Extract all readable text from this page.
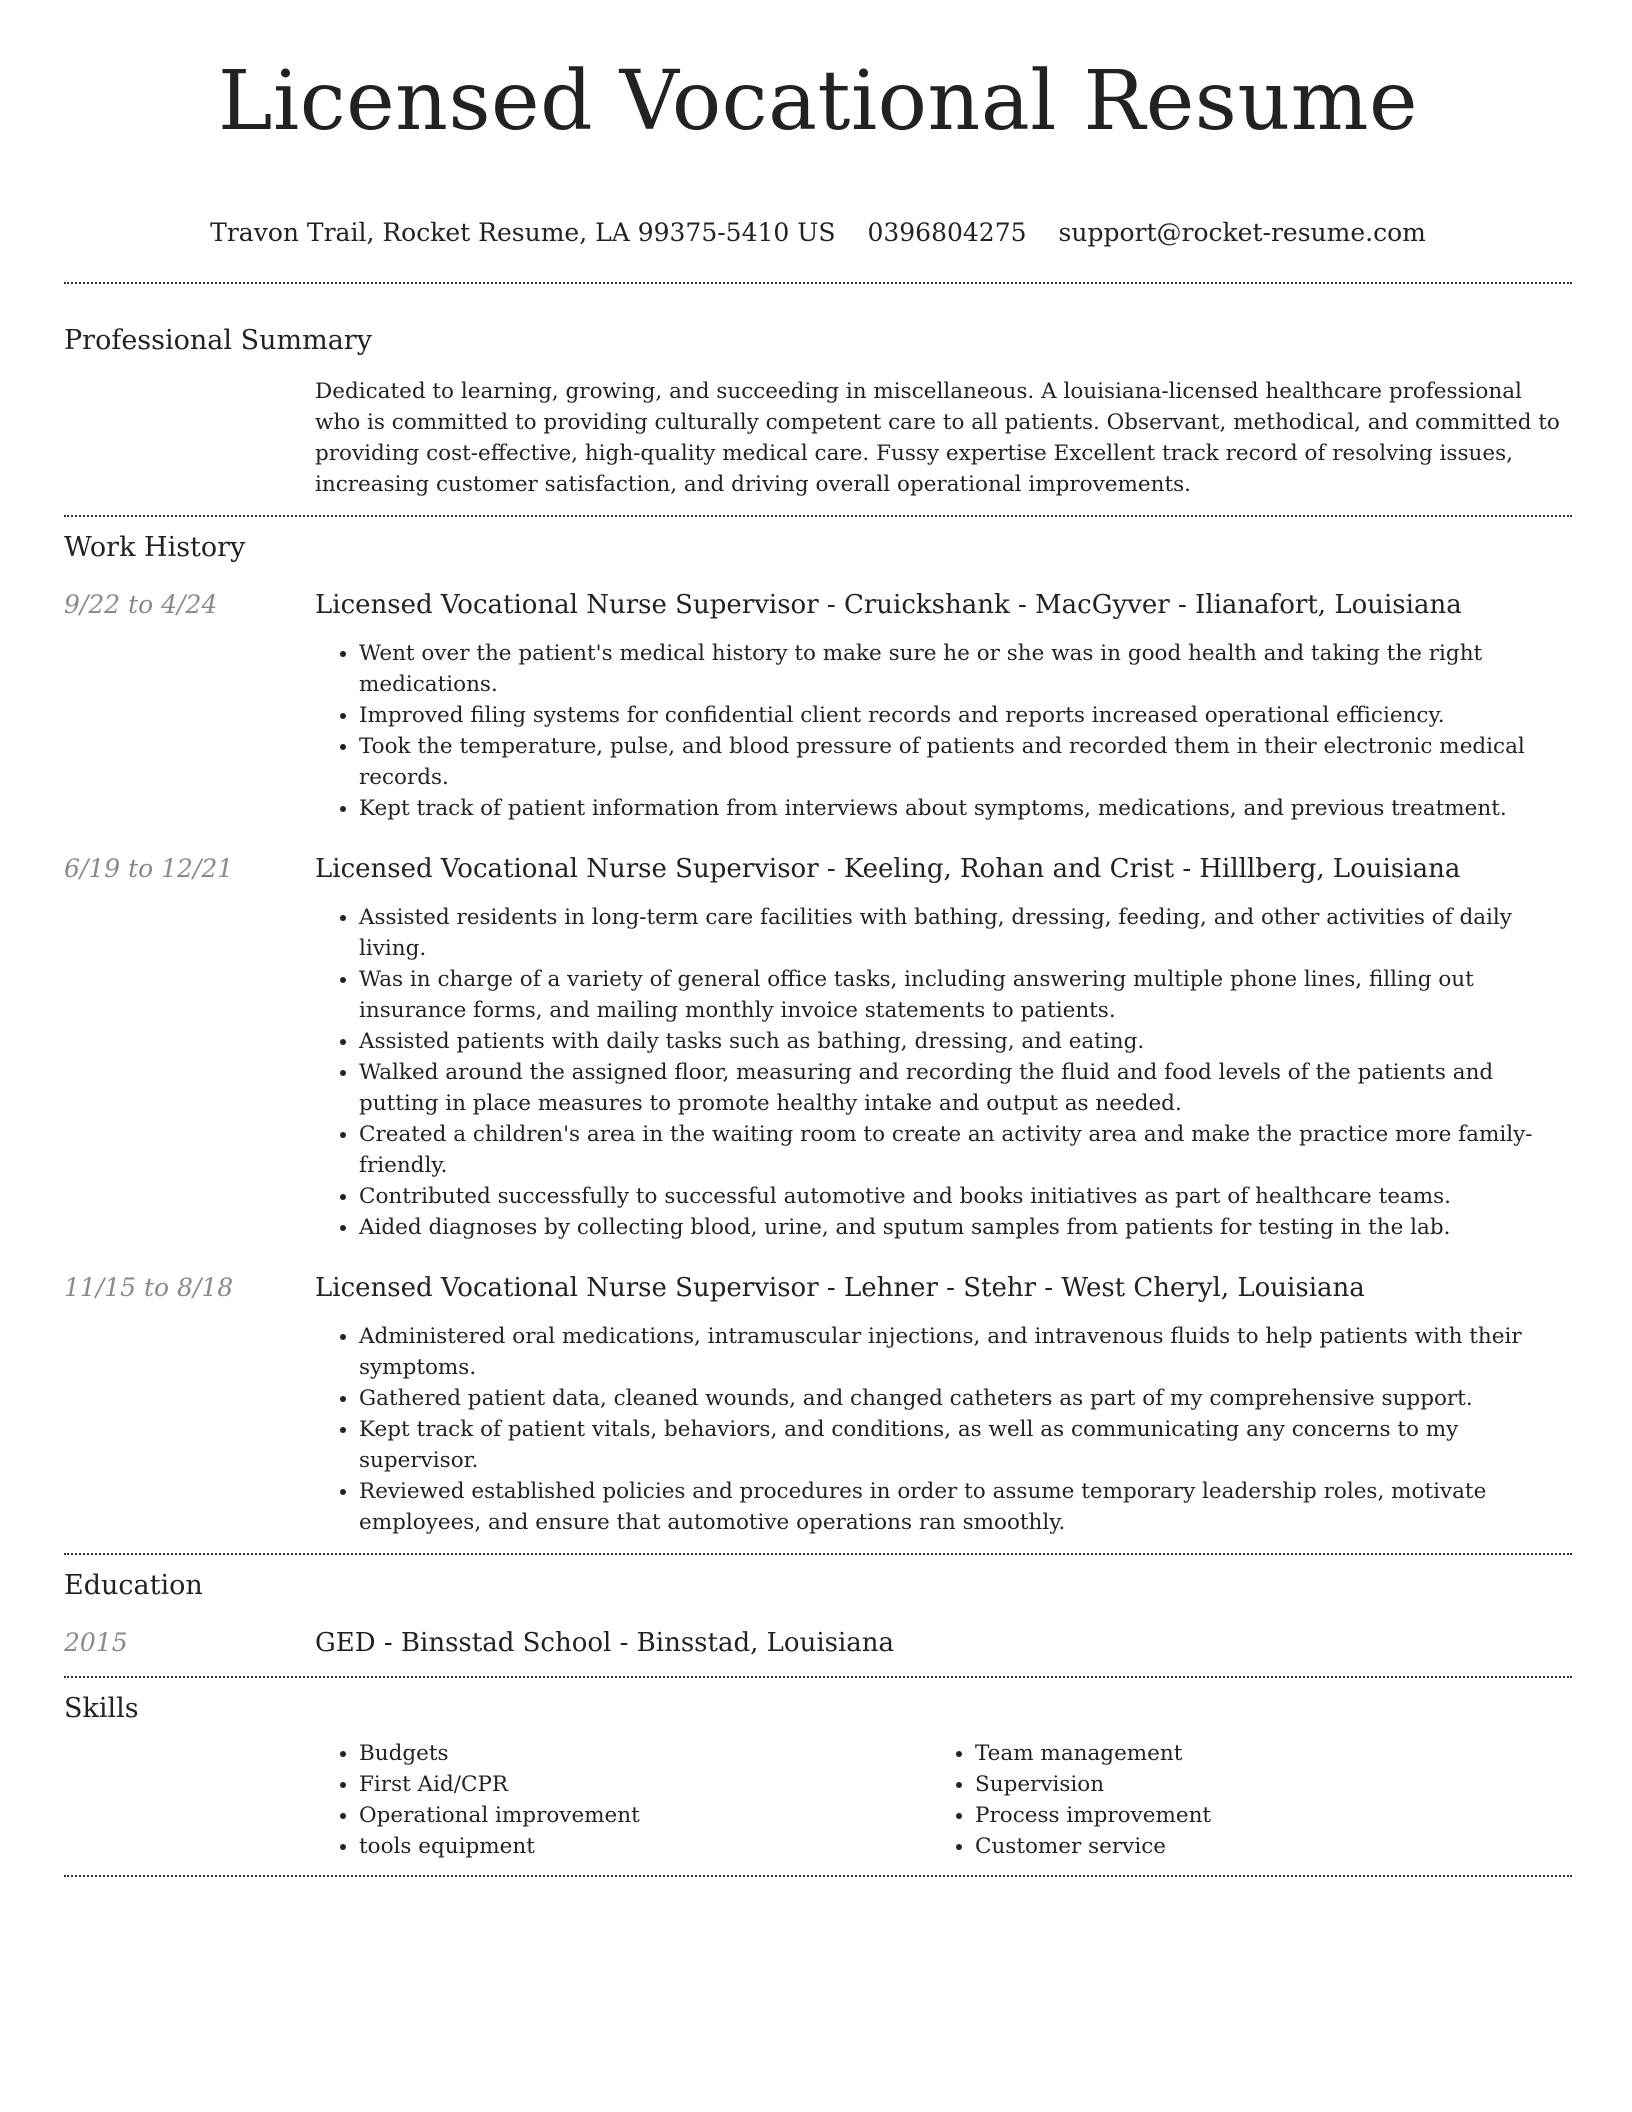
Licensed Vocational Resume
Travon Trail, Rocket Resume, LA 99375-5410 US 0396804275 support@rocket-resume.com
Professional Summary

Dedicated to learning, growing, and succeeding in miscellaneous. A louisiana-licensed healthcare professional who is committed to providing culturally competent care to all patients. Observant, methodical, and committed to providing cost-effective, high-quality medical care. Fussy expertise Excellent track record of resolving issues, increasing customer satisfaction, and driving overall operational improvements.

Work History
9/22 to 4/24	Licensed Vocational Nurse Supervisor - Cruickshank - MacGyver - Ilianafort, Louisiana
• Went over the patient's medical history to make sure he or she was in good health and taking the right medications.
• Improved filing systems for confidential client records and reports increased operational efficiency.
• Took the temperature, pulse, and blood pressure of patients and recorded them in their electronic medical records.
• Kept track of patient information from interviews about symptoms, medications, and previous treatment.
6/19 to 12/21	Licensed Vocational Nurse Supervisor - Keeling, Rohan and Crist - Hilllberg, Louisiana
• Assisted residents in long-term care facilities with bathing, dressing, feeding, and other activities of daily living.
• Was in charge of a variety of general office tasks, including answering multiple phone lines, filling out insurance forms, and mailing monthly invoice statements to patients.
• Assisted patients with daily tasks such as bathing, dressing, and eating.
• Walked around the assigned floor, measuring and recording the fluid and food levels of the patients and putting in place measures to promote healthy intake and output as needed.
• Created a children's area in the waiting room to create an activity area and make the practice more family-friendly.
• Contributed successfully to successful automotive and books initiatives as part of healthcare teams.
• Aided diagnoses by collecting blood, urine, and sputum samples from patients for testing in the lab.
11/15 to 8/18	Licensed Vocational Nurse Supervisor - Lehner - Stehr - West Cheryl, Louisiana
• Administered oral medications, intramuscular injections, and intravenous fluids to help patients with their symptoms.
• Gathered patient data, cleaned wounds, and changed catheters as part of my comprehensive support.
• Kept track of patient vitals, behaviors, and conditions, as well as communicating any concerns to my supervisor.
• Reviewed established policies and procedures in order to assume temporary leadership roles, motivate employees, and ensure that automotive operations ran smoothly.
Education
2015	GED - Binsstad School - Binsstad, Louisiana
Skills
• Budgets
• First Aid/CPR
• Operational improvement
• tools equipment
• Team management
• Supervision
• Process improvement
• Customer service
